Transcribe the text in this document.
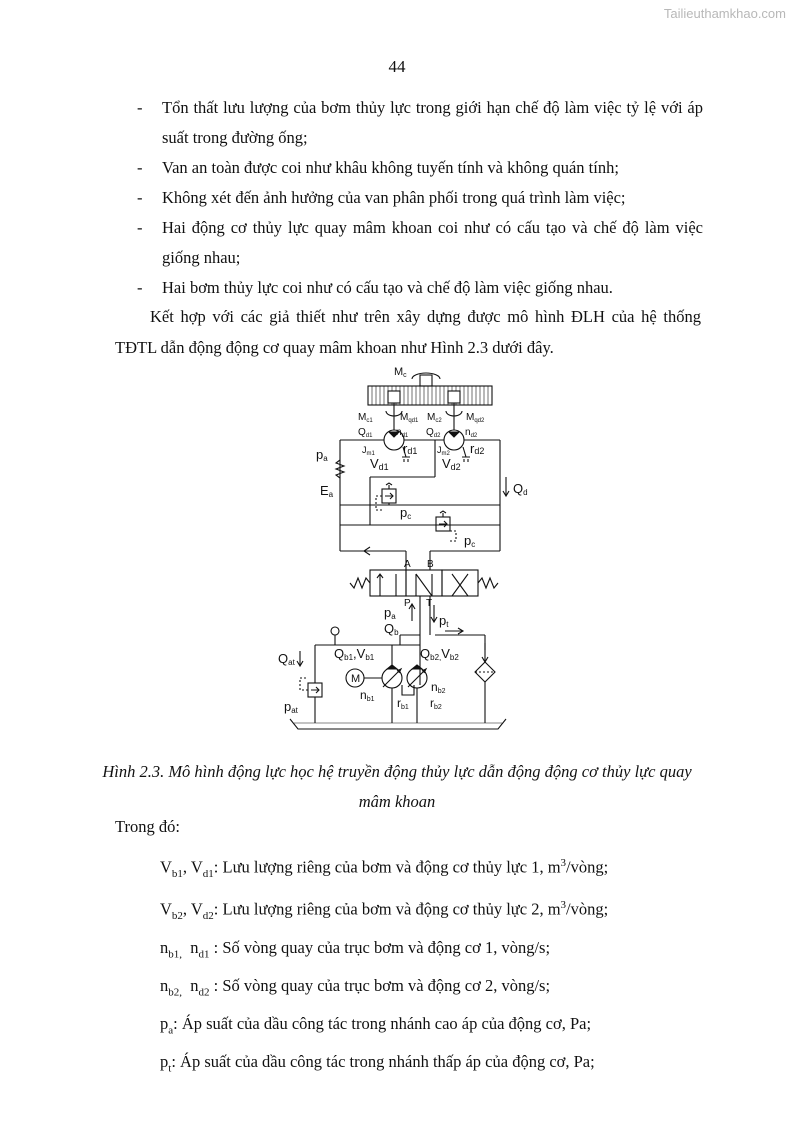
Tailieuthamkhao.com
44
- Tổn thất lưu lượng của bơm thủy lực trong giới hạn chế độ làm việc tỷ lệ với áp suất trong đường ống;
- Van an toàn được coi như khâu không tuyến tính và không quán tính;
- Không xét đến ảnh hưởng của van phân phối trong quá trình làm việc;
- Hai động cơ thủy lực quay mâm khoan coi như có cấu tạo và chế độ làm việc giống nhau;
- Hai bơm thủy lực coi như có cấu tạo và chế độ làm việc giống nhau.
Kết hợp với các giả thiết như trên xây dựng được mô hình ĐLH của hệ thống TĐTL dẫn động động cơ quay mâm khoan như Hình 2.3 dưới đây.
Mc
$M_{c1}$	$M_{qd1}$ $M_{c2}$ $M_{qd2}$
$Q_{d1}$ $n_{d1}$ $Q_{d2}$ $n_{d2}$
$J_{m1}$	$J_{m2}$
rd1	rd2
Vd1	Vd2
pa
Ea	Qd
pc
pc
A B
P T
pa
Qb
pt
Qat
pat
Qb1,Vb1	Qb2,Vb2
M
nb1
nb2
rb1 rb2
Hình 2.3. Mô hình động lực học hệ truyền động thủy lực dẫn động động cơ thủy lực quay mâm khoan
Trong đó:
$V_{b1}$, $V_{d1}$: Lưu lượng riêng của bơm và động cơ thủy lực 1, $m^3$/vòng;
$V_{b2}$, $V_{d2}$: Lưu lượng riêng của bơm và động cơ thủy lực 2, $m^3$/vòng;
$n_{b1,}$ $n_{d1}$ : Số vòng quay của trục bơm và động cơ 1, vòng/s;
$n_{b2,}$ $n_{d2}$ : Số vòng quay của trục bơm và động cơ 2, vòng/s;
$p_a$: Áp suất của dầu công tác trong nhánh cao áp của động cơ, Pa;
$p_t$: Áp suất của dầu công tác trong nhánh thấp áp của động cơ, Pa;
